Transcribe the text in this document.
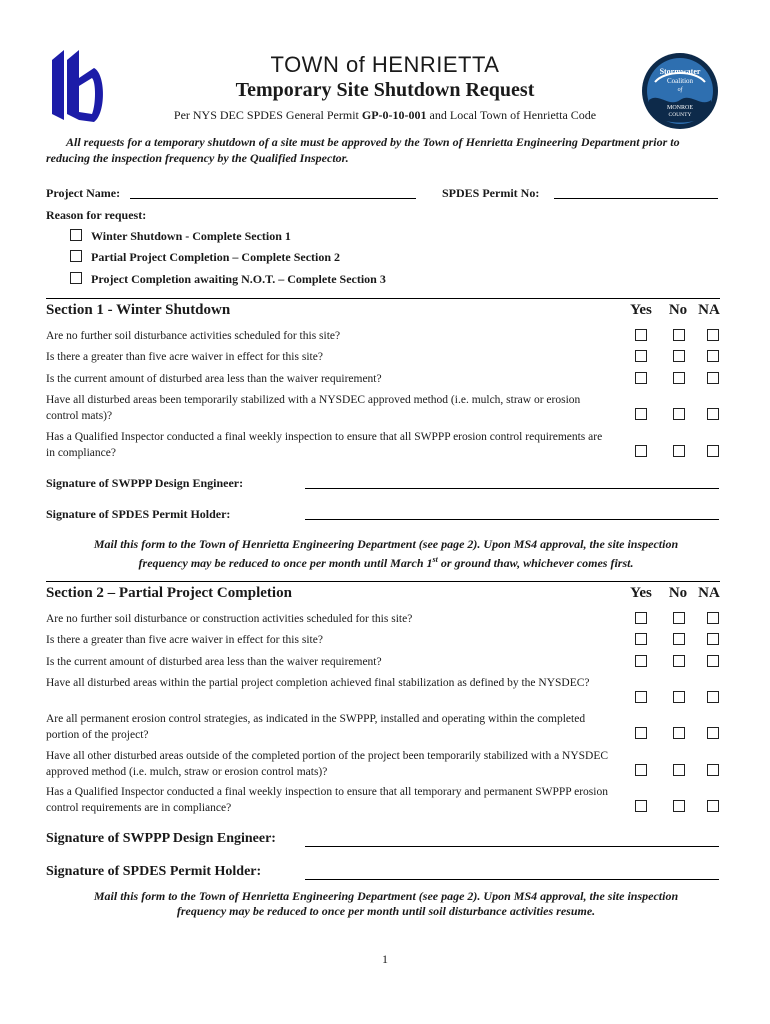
Stormwater
Coalition
of
MONROE
COUNTY
TOWN of HENRIETTA
Temporary Site Shutdown Request
Per NYS DEC SPDES General Permit GP-0-10-001 and Local Town of Henrietta Code
All requests for a temporary shutdown of a site must be approved by the Town of Henrietta Engineering Department prior to reducing the inspection frequency by the Qualified Inspector.
Project Name:	SPDES Permit No:
Reason for request:
Winter Shutdown - Complete Section 1
Partial Project Completion – Complete Section 2
Project Completion awaiting N.O.T. – Complete Section 3
Section 1 - Winter Shutdown	Yes	No NA
Are no further soil disturbance activities scheduled for this site?
Is there a greater than five acre waiver in effect for this site?
Is the current amount of disturbed area less than the waiver requirement?
Have all disturbed areas been temporarily stabilized with a NYSDEC approved method (i.e. mulch, straw or erosion control mats)?
Has a Qualified Inspector conducted a final weekly inspection to ensure that all SWPPP erosion control requirements are in compliance?
Signature of SWPPP Design Engineer:
Signature of SPDES Permit Holder:
Mail this form to the Town of Henrietta Engineering Department (see page 2). Upon MS4 approval, the site inspection
frequency may be reduced to once per month until March 1st or ground thaw, whichever comes first.
Section 2 – Partial Project Completion	Yes	No NA
Are no further soil disturbance or construction activities scheduled for this site?
Is there a greater than five acre waiver in effect for this site?
Is the current amount of disturbed area less than the waiver requirement?
Have all disturbed areas within the partial project completion achieved final stabilization as defined by the NYSDEC?
Are all permanent erosion control strategies, as indicated in the SWPPP, installed and operating within the completed portion of the project?
Have all other disturbed areas outside of the completed portion of the project been temporarily stabilized with a NYSDEC approved method (i.e. mulch, straw or erosion control mats)?
Has a Qualified Inspector conducted a final weekly inspection to ensure that all temporary and permanent SWPPP erosion control requirements are in compliance?
Signature of SWPPP Design Engineer:
Signature of SPDES Permit Holder:
Mail this form to the Town of Henrietta Engineering Department (see page 2). Upon MS4 approval, the site inspection
frequency may be reduced to once per month until soil disturbance activities resume.
1
